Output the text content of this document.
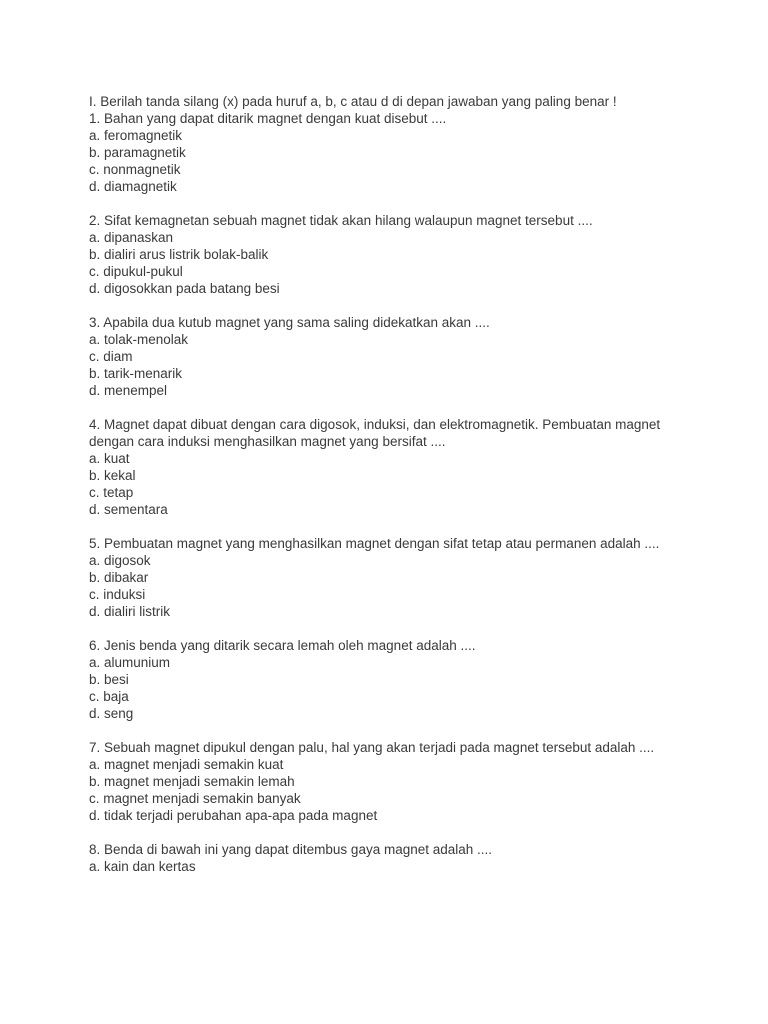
I. Berilah tanda silang (x) pada huruf a, b, c atau d di depan jawaban yang paling benar !
1. Bahan yang dapat ditarik magnet dengan kuat disebut ....
a. feromagnetik
b. paramagnetik
c. nonmagnetik
d. diamagnetik
2. Sifat kemagnetan sebuah magnet tidak akan hilang walaupun magnet tersebut ....
a. dipanaskan
b. dialiri arus listrik bolak-balik
c. dipukul-pukul
d. digosokkan pada batang besi
3. Apabila dua kutub magnet yang sama saling didekatkan akan ....
a. tolak-menolak
c. diam
b. tarik-menarik
d. menempel
4. Magnet dapat dibuat dengan cara digosok, induksi, dan elektromagnetik. Pembuatan magnet dengan cara induksi menghasilkan magnet yang bersifat ....
a. kuat
b. kekal
c. tetap
d. sementara
5. Pembuatan magnet yang menghasilkan magnet dengan sifat tetap atau permanen adalah ....
a. digosok
b. dibakar
c. induksi
d. dialiri listrik
6. Jenis benda yang ditarik secara lemah oleh magnet adalah ....
a. alumunium
b. besi
c. baja
d. seng
7. Sebuah magnet dipukul dengan palu, hal yang akan terjadi pada magnet tersebut adalah ....
a. magnet menjadi semakin kuat
b. magnet menjadi semakin lemah
c. magnet menjadi semakin banyak
d. tidak terjadi perubahan apa-apa pada magnet
8. Benda di bawah ini yang dapat ditembus gaya magnet adalah ....
a. kain dan kertas
